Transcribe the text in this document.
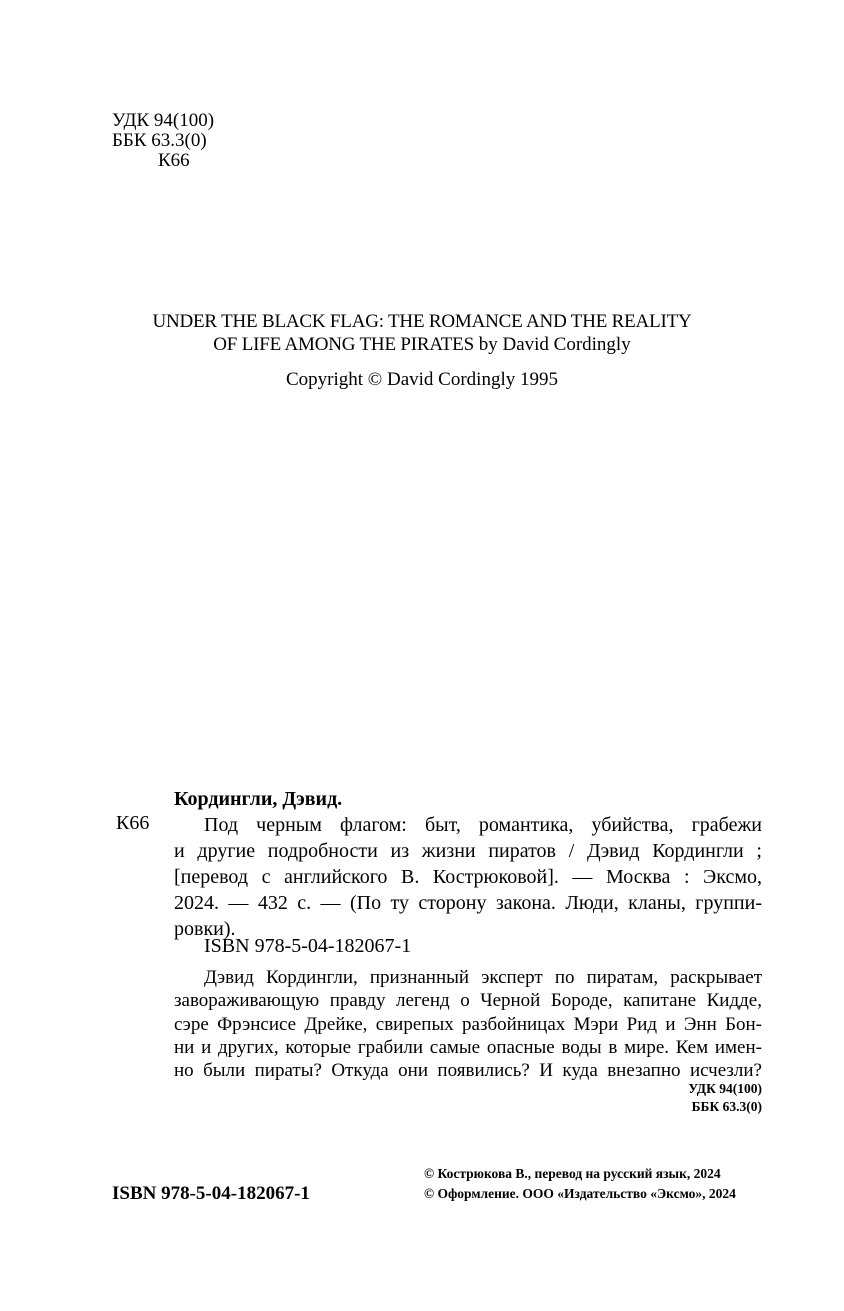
УДК 94(100)
ББК 63.3(0)
К66
UNDER THE BLACK FLAG: THE ROMANCE AND THE REALITY
OF LIFE AMONG THE PIRATES by David Cordingly
Copyright © David Cordingly 1995
Кордингли, Дэвид.
К66	Под черным флагом: быт, романтика, убийства, грабежи
и другие подробности из жизни пиратов / Дэвид Кордингли ;
[перевод с английского В. Кострюковой]. — Москва : Эксмо,
2024. — 432 с. — (По ту сторону закона. Люди, кланы, группи-
ровки).
ISBN 978-5-04-182067-1
Дэвид Кордингли, признанный эксперт по пиратам, раскрывает
завораживающую правду легенд о Черной Бороде, капитане Кидде,
сэре Фрэнсисе Дрейке, свирепых разбойницах Мэри Рид и Энн Бон-
ни и других, которые грабили самые опасные воды в мире. Кем имен-
но были пираты? Откуда они появились? И куда внезапно исчезли?
УДК 94(100)
ББК 63.3(0)
ISBN 978-5-04-182067-1
© Кострюкова В., перевод на русский язык, 2024
© Оформление. ООО «Издательство «Эксмо», 2024
